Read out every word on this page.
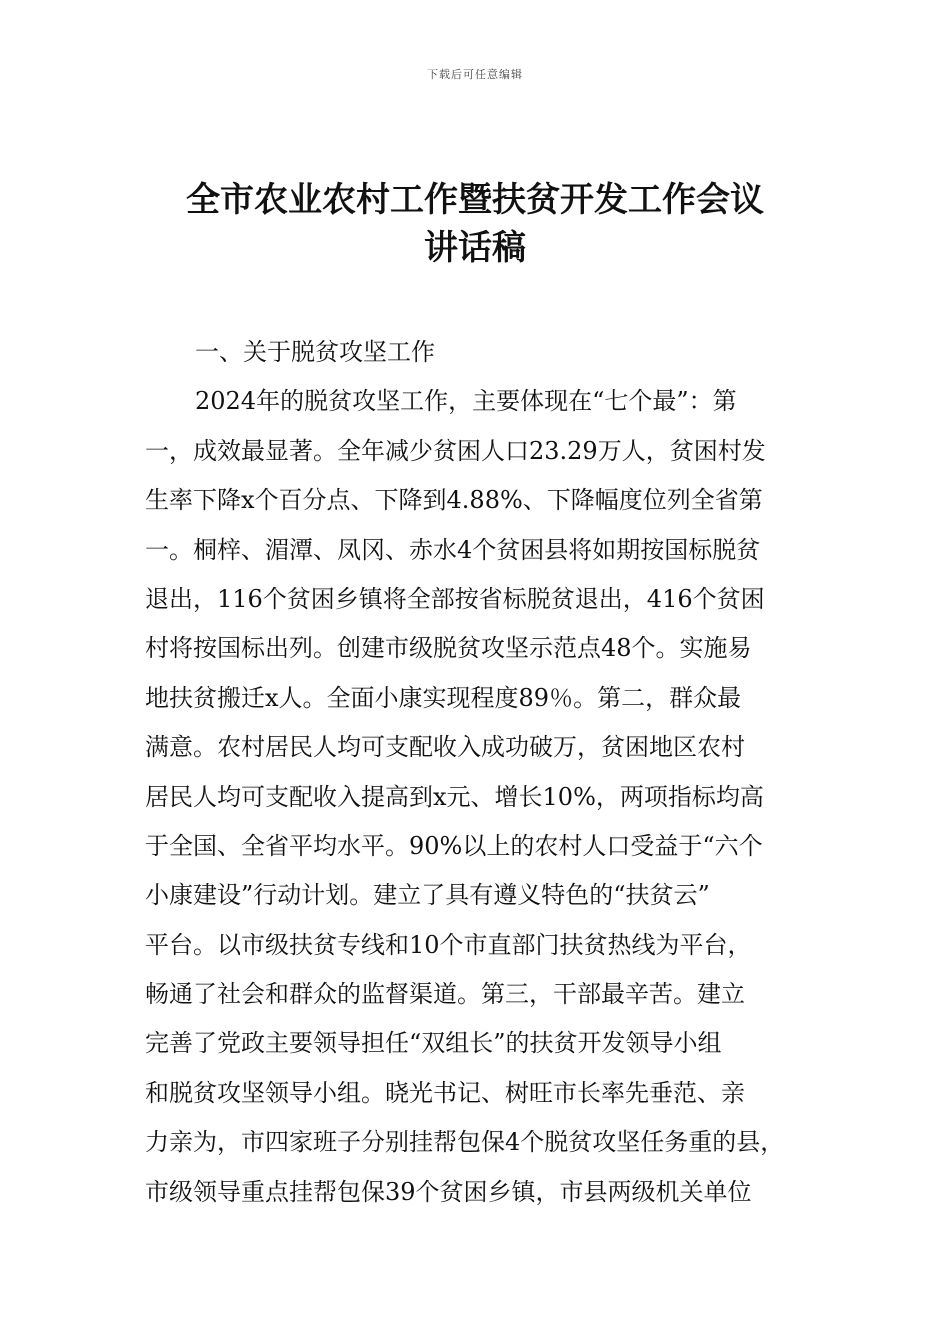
下载后可任意编辑
全市农业农村工作暨扶贫开发工作会议
讲话稿
一、关于脱贫攻坚工作
2024年的脱贫攻坚工作，主要体现在“七个最”：第
一，成效最显著。全年减少贫困人口23.29万人，贫困村发
生率下降x个百分点、下降到4.88%、下降幅度位列全省第
一。桐梓、湄潭、凤冈、赤水4个贫困县将如期按国标脱贫
退出，116个贫困乡镇将全部按省标脱贫退出，416个贫困
村将按国标出列。创建市级脱贫攻坚示范点48个。实施易
地扶贫搬迁x人。全面小康实现程度89％。第二，群众最
满意。农村居民人均可支配收入成功破万，贫困地区农村
居民人均可支配收入提高到x元、增长10%，两项指标均高
于全国、全省平均水平。90%以上的农村人口受益于“六个
小康建设”行动计划。建立了具有遵义特色的“扶贫云”
平台。以市级扶贫专线和10个市直部门扶贫热线为平台，
畅通了社会和群众的监督渠道。第三，干部最辛苦。建立
完善了党政主要领导担任“双组长”的扶贫开发领导小组
和脱贫攻坚领导小组。晓光书记、树旺市长率先垂范、亲
力亲为，市四家班子分别挂帮包保4个脱贫攻坚任务重的县，
市级领导重点挂帮包保39个贫困乡镇，市县两级机关单位
